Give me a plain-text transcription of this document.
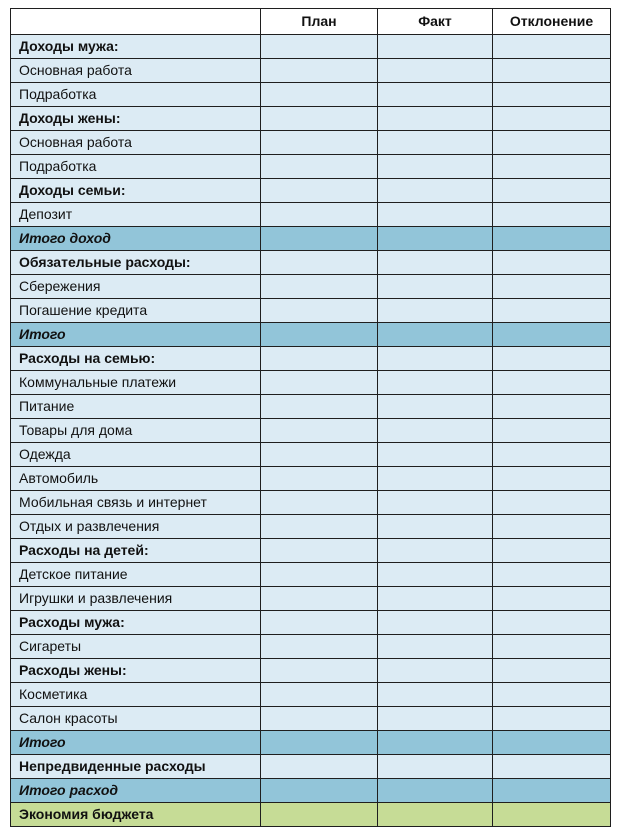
	План	Факт	Отклонение
Доходы мужа:			
Основная работа			
Подработка			
Доходы жены:			
Основная работа			
Подработка			
Доходы семьи:			
Депозит			
Итого доход			
Обязательные расходы:			
Сбережения			
Погашение кредита			
Итого			
Расходы на семью:			
Коммунальные платежи			
Питание			
Товары для дома			
Одежда			
Автомобиль			
Мобильная связь и интернет			
Отдых и развлечения			
Расходы на детей:			
Детское питание			
Игрушки и развлечения			
Расходы мужа:			
Сигареты			
Расходы жены:			
Косметика			
Салон красоты			
Итого			
Непредвиденные расходы			
Итого расход			
Экономия бюджета			
